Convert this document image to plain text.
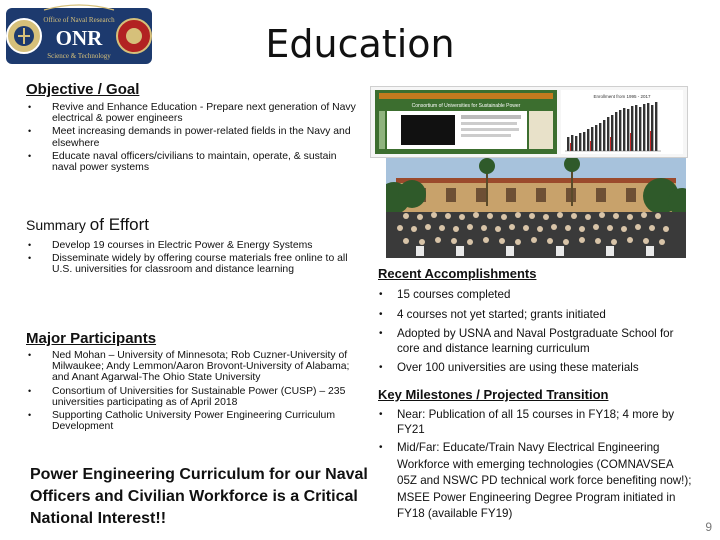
Office of Naval Research
ONR
Science & Technology	Education
Objective / Goal
• Revive and Enhance Education - Prepare next generation of Navy electrical & power engineers
• Meet increasing demands in power-related fields in the Navy and elsewhere
• Educate naval officers/civilians to maintain, operate, & sustain naval power systems
Summary of Effort
• Develop 19 courses in Electric Power & Energy Systems
• Disseminate widely by offering course materials free online to all U.S. universities for classroom and distance learning
Major Participants
• Ned Mohan – University of Minnesota; Rob Cuzner-University of Milwaukee; Andy Lemmon/Aaron Brovont-University of Alabama; and Anant Agarwal-The Ohio State University
• Consortium of Universities for Sustainable Power (CUSP) – 235 universities participating as of April 2018
• Supporting Catholic University Power Engineering Curriculum Development
Power Engineering Curriculum for our Naval Officers and Civilian Workforce is a Critical National Interest!!
Consortium of Universities for Sustainable Power
Enrollment from 1995 - 2017
Recent Accomplishments
• 15 courses completed
• 4 courses not yet started; grants initiated
• Adopted by USNA and Naval Postgraduate School for core and distance learning curriculum
• Over 100 universities are using these materials
Key Milestones / Projected Transition
• Near: Publication of all 15 courses in FY18; 4 more by FY21
• Mid/Far: Educate/Train Navy Electrical Engineering Workforce with emerging technologies (COMNAVSEA 05Z and NSWC PD technical work force benefiting now!); MSEE Power Engineering Degree Program initiated in FY18 (available FY19)
9
